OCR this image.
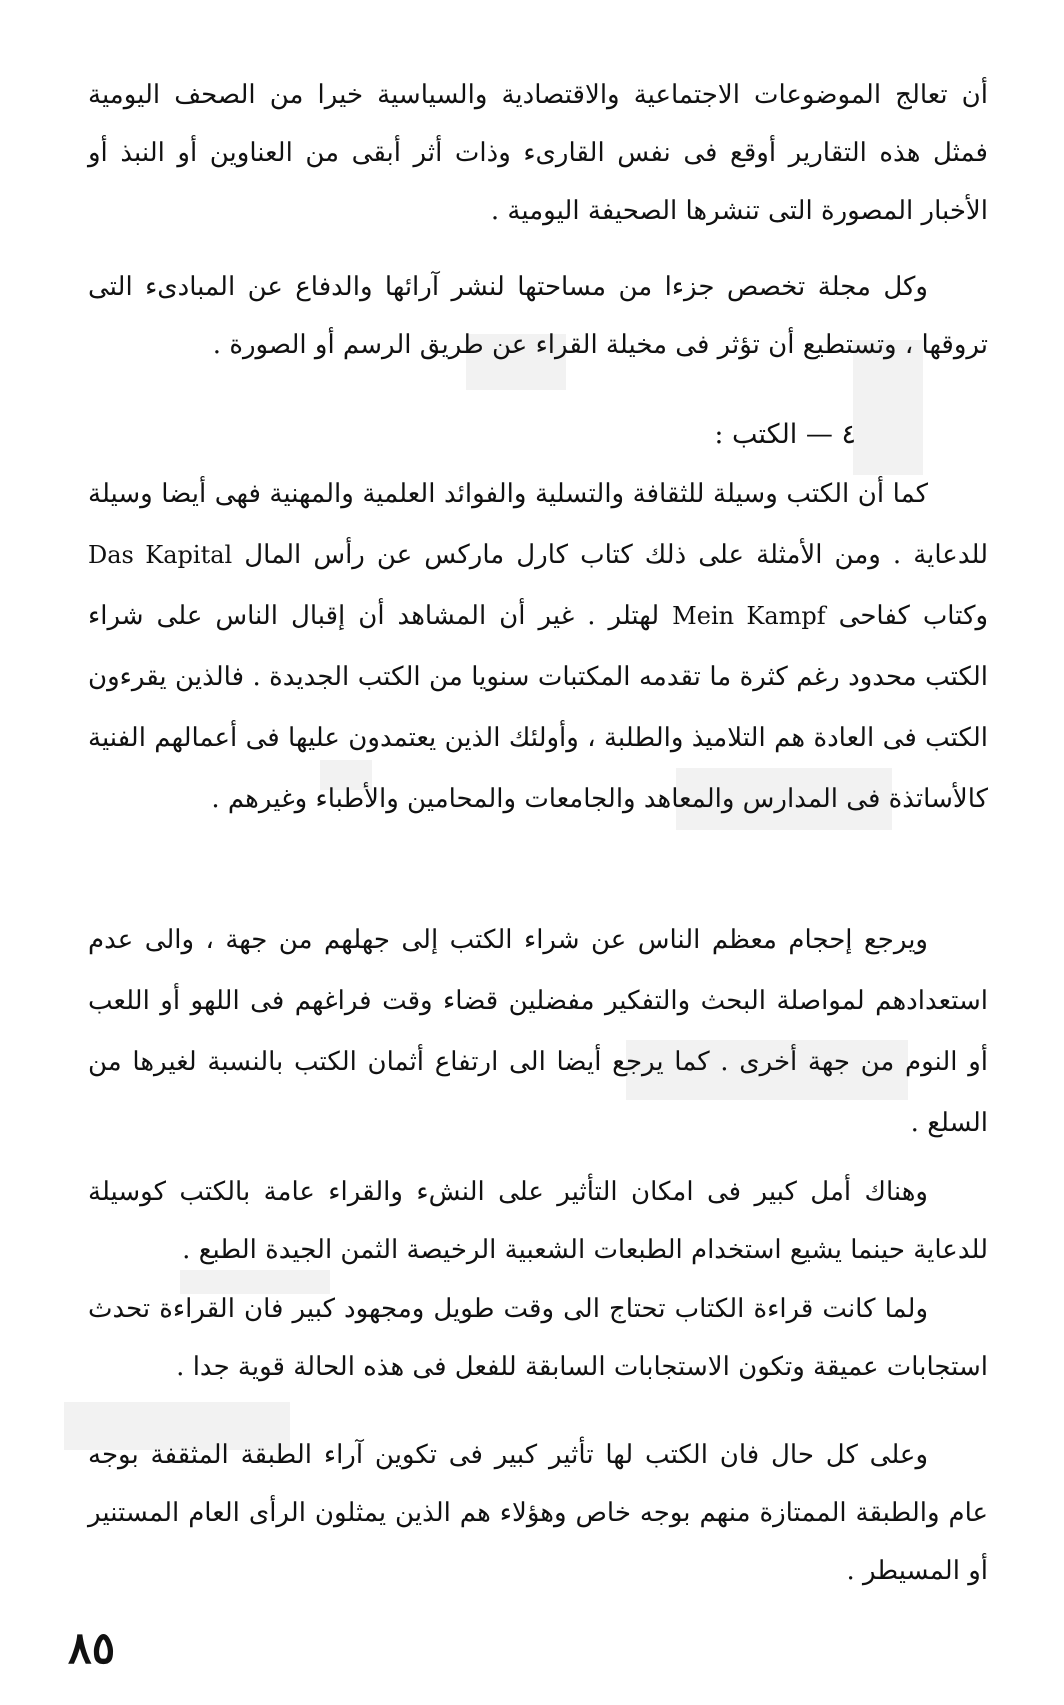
أن تعالج الموضوعات الاجتماعية والاقتصادية والسياسية خيرا من الصحف اليومية فمثل هذه التقارير أوقع فى نفس القارىء وذات أثر أبقى من العناوين أو النبذ أو الأخبار المصورة التى تنشرها الصحيفة اليومية .

وكل مجلة تخصص جزءا من مساحتها لنشر آرائها والدفاع عن المبادىء التى تروقها ، وتستطيع أن تؤثر فى مخيلة القراء عن طريق الرسم أو الصورة .

٤ — الكتب :

كما أن الكتب وسيلة للثقافة والتسلية والفوائد العلمية والمهنية فهى أيضا وسيلة للدعاية . ومن الأمثلة على ذلك كتاب كارل ماركس عن رأس المال Das Kapital وكتاب كفاحى Mein Kampf لهتلر . غير أن المشاهد أن إقبال الناس على شراء الكتب محدود رغم كثرة ما تقدمه المكتبات سنويا من الكتب الجديدة . فالذين يقرءون الكتب فى العادة هم التلاميذ والطلبة ، وأولئك الذين يعتمدون عليها فى أعمالهم الفنية كالأساتذة فى المدارس والمعاهد والجامعات والمحامين والأطباء وغيرهم .

ويرجع إحجام معظم الناس عن شراء الكتب إلى جهلهم من جهة ، والى عدم استعدادهم لمواصلة البحث والتفكير مفضلين قضاء وقت فراغهم فى اللهو أو اللعب أو النوم من جهة أخرى . كما يرجع أيضا الى ارتفاع أثمان الكتب بالنسبة لغيرها من السلع .

وهناك أمل كبير فى امكان التأثير على النشء والقراء عامة بالكتب كوسيلة للدعاية حينما يشيع استخدام الطبعات الشعبية الرخيصة الثمن الجيدة الطبع .

ولما كانت قراءة الكتاب تحتاج الى وقت طويل ومجهود كبير فان القراءة تحدث استجابات عميقة وتكون الاستجابات السابقة للفعل فى هذه الحالة قوية جدا .

وعلى كل حال فان الكتب لها تأثير كبير فى تكوين آراء الطبقة المثقفة بوجه عام والطبقة الممتازة منهم بوجه خاص وهؤلاء هم الذين يمثلون الرأى العام المستنير أو المسيطر .

٨٥
